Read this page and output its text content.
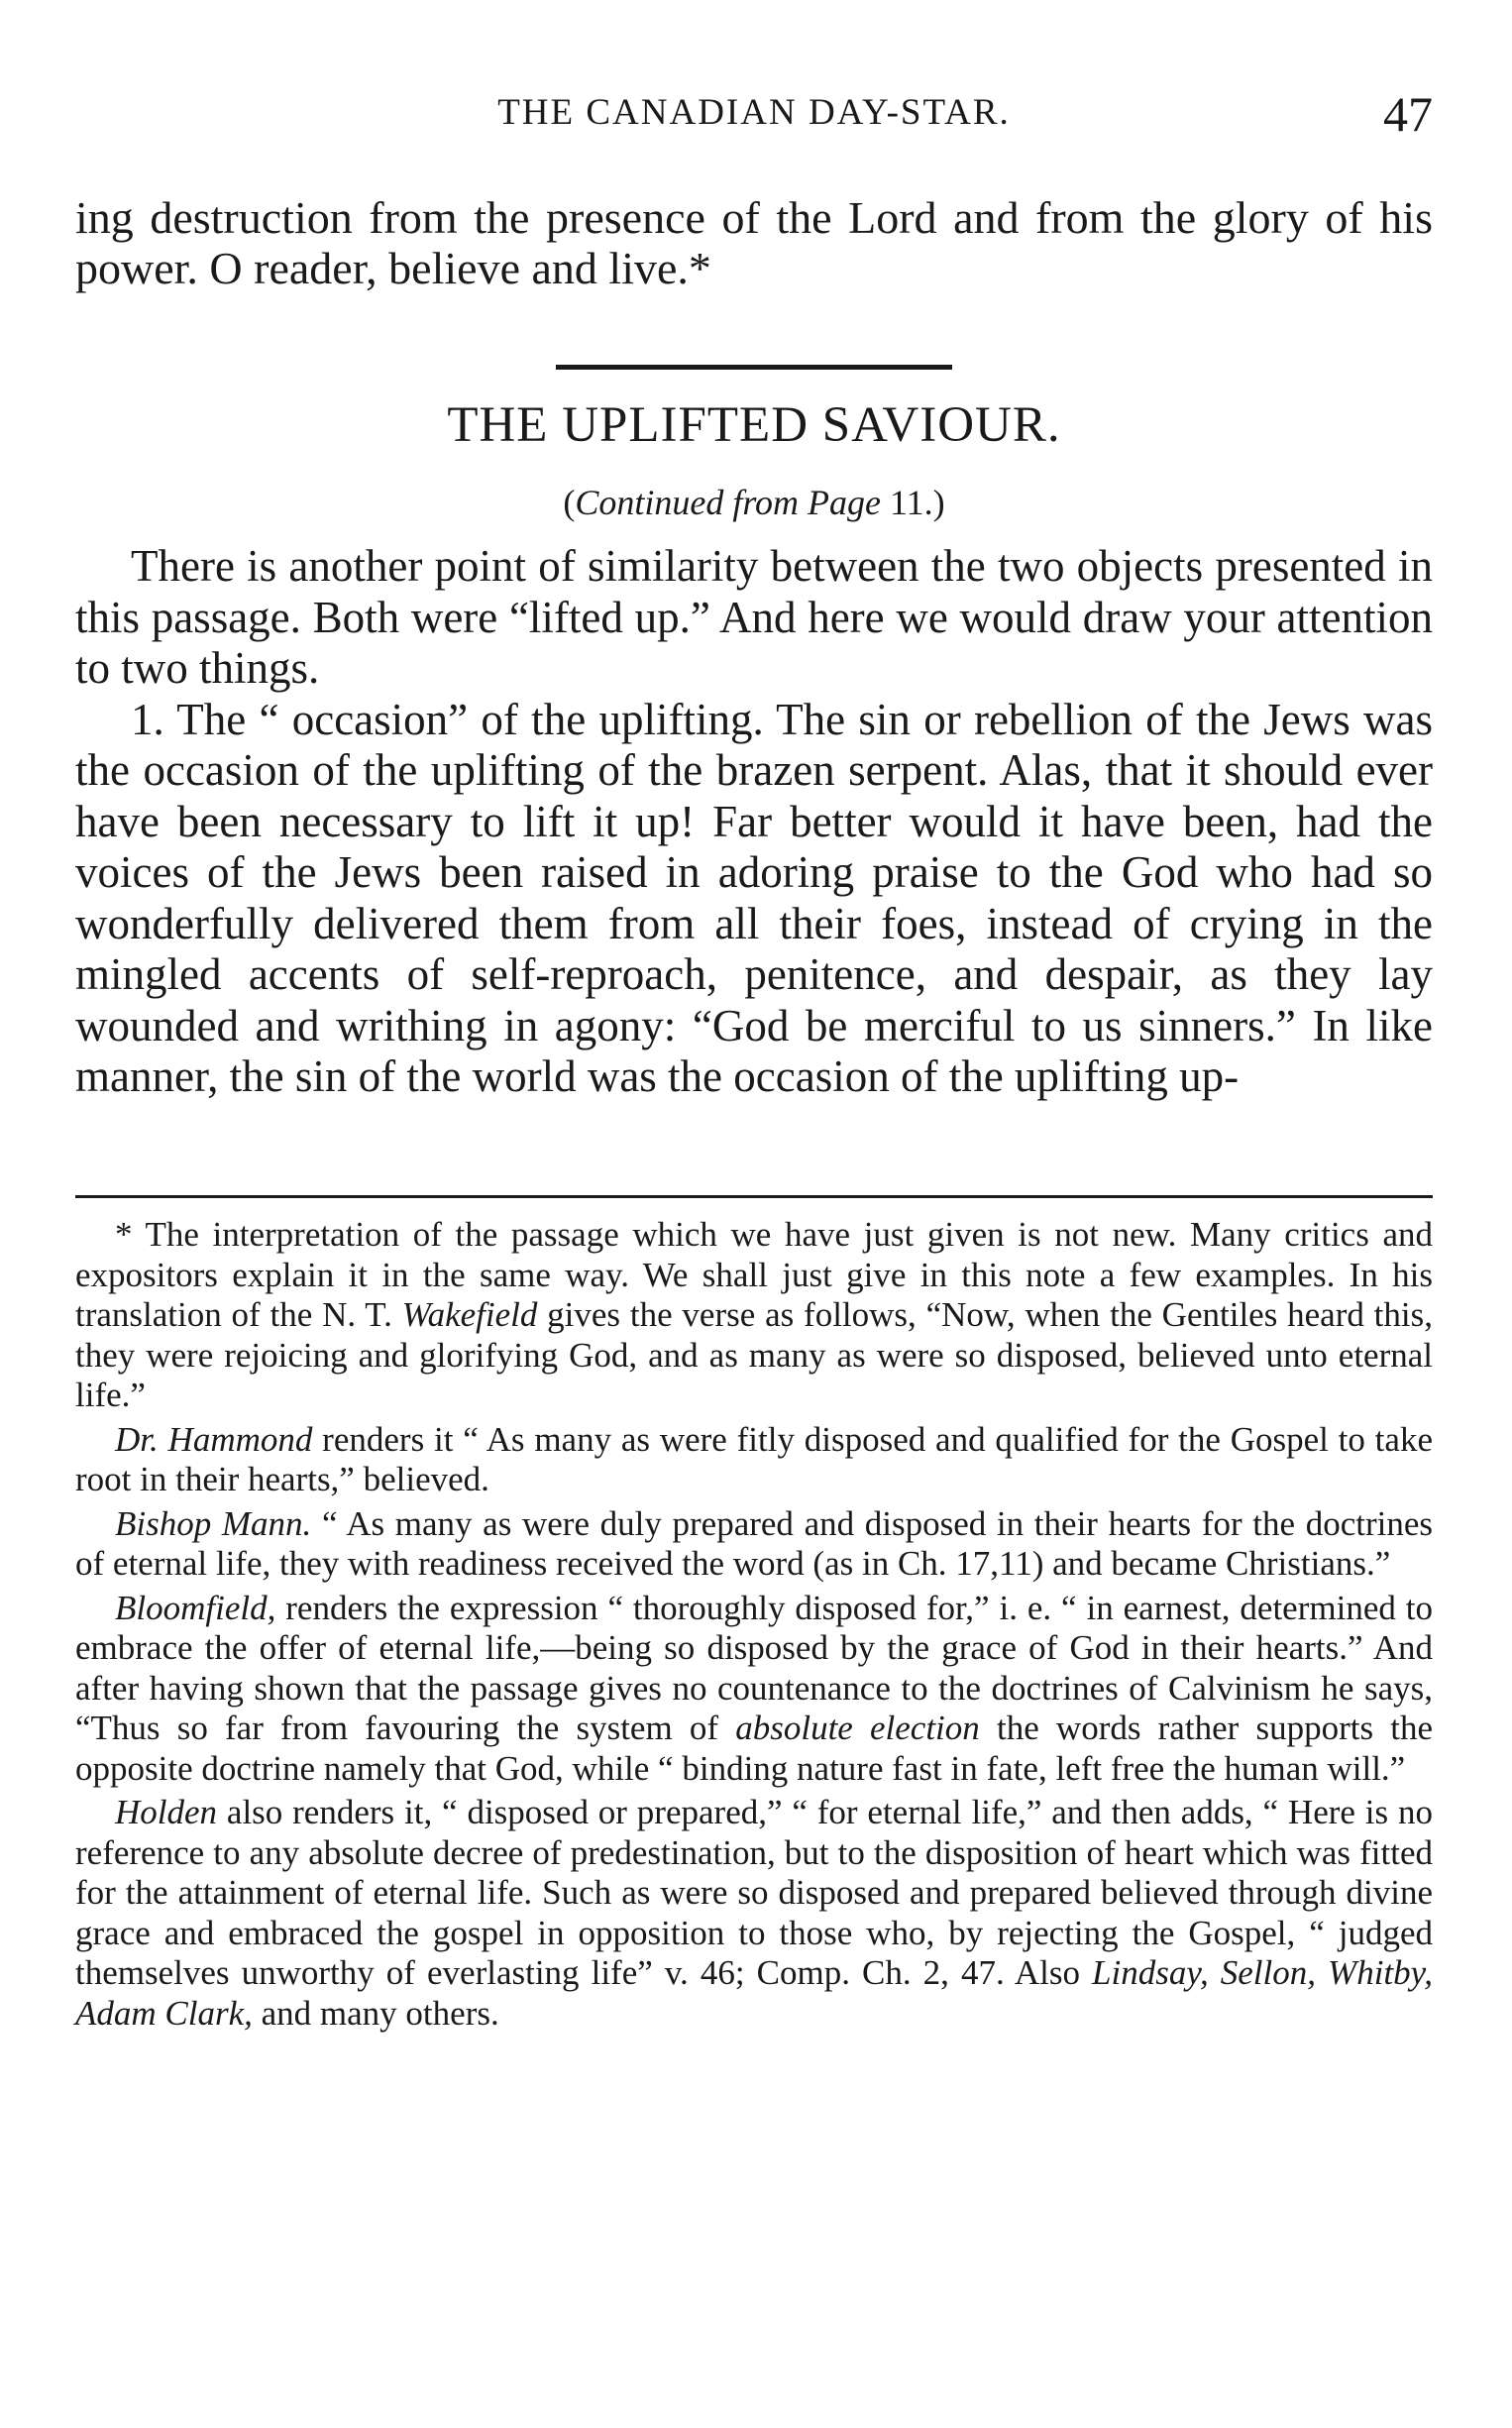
THE CANADIAN DAY-STAR.	47
ing destruction from the presence of the Lord and from the glory of his power. O reader, believe and live.*
THE UPLIFTED SAVIOUR.
(Continued from Page 11.)

There is another point of similarity between the two objects presented in this passage. Both were “lifted up.” And here we would draw your attention to two things.

1. The “ occasion” of the uplifting. The sin or rebellion of the Jews was the occasion of the uplifting of the brazen serpent. Alas, that it should ever have been necessary to lift it up! Far better would it have been, had the voices of the Jews been raised in adoring praise to the God who had so wonderfully delivered them from all their foes, instead of crying in the mingled accents of self-reproach, penitence, and despair, as they lay wounded and writhing in agony: “God be merciful to us sinners.” In like manner, the sin of the world was the occasion of the uplifting up-

* The interpretation of the passage which we have just given is not new. Many critics and expositors explain it in the same way. We shall just give in this note a few examples. In his translation of the N. T. Wakefield gives the verse as follows, “Now, when the Gentiles heard this, they were rejoicing and glorifying God, and as many as were so disposed, believed unto eternal life.”

Dr. Hammond renders it “ As many as were fitly disposed and qualified for the Gospel to take root in their hearts,” believed.

Bishop Mann. “ As many as were duly prepared and disposed in their hearts for the doctrines of eternal life, they with readiness received the word (as in Ch. 17,11) and became Christians.”

Bloomfield, renders the expression “ thoroughly disposed for,” i. e. “ in earnest, determined to embrace the offer of eternal life,—being so disposed by the grace of God in their hearts.” And after having shown that the passage gives no countenance to the doctrines of Calvinism he says, “Thus so far from favouring the system of absolute election the words rather supports the opposite doctrine namely that God, while “ binding nature fast in fate, left free the human will.”

Holden also renders it, “ disposed or prepared,” “ for eternal life,” and then adds, “ Here is no reference to any absolute decree of predestination, but to the disposition of heart which was fitted for the attainment of eternal life. Such as were so disposed and prepared believed through divine grace and embraced the gospel in opposition to those who, by rejecting the Gospel, “ judged themselves unworthy of everlasting life” v. 46; Comp. Ch. 2, 47. Also Lindsay, Sellon, Whitby, Adam Clark, and many others.
